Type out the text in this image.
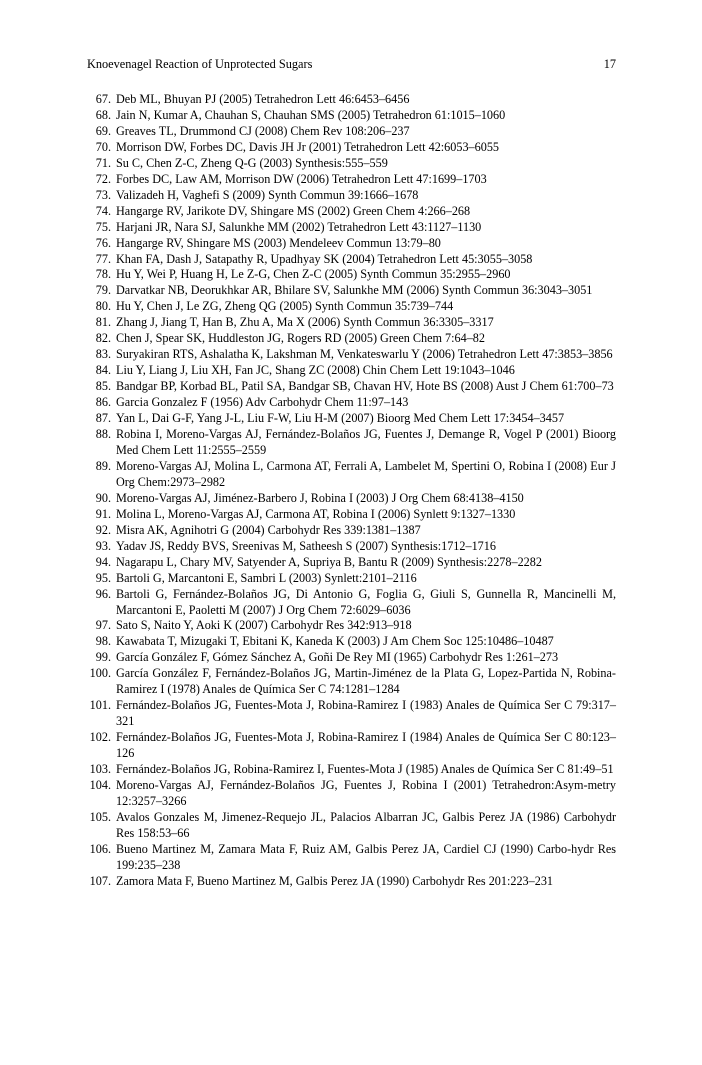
Knoevenagel Reaction of Unprotected Sugars	17
67. Deb ML, Bhuyan PJ (2005) Tetrahedron Lett 46:6453–6456
68. Jain N, Kumar A, Chauhan S, Chauhan SMS (2005) Tetrahedron 61:1015–1060
69. Greaves TL, Drummond CJ (2008) Chem Rev 108:206–237
70. Morrison DW, Forbes DC, Davis JH Jr (2001) Tetrahedron Lett 42:6053–6055
71. Su C, Chen Z-C, Zheng Q-G (2003) Synthesis:555–559
72. Forbes DC, Law AM, Morrison DW (2006) Tetrahedron Lett 47:1699–1703
73. Valizadeh H, Vaghefi S (2009) Synth Commun 39:1666–1678
74. Hangarge RV, Jarikote DV, Shingare MS (2002) Green Chem 4:266–268
75. Harjani JR, Nara SJ, Salunkhe MM (2002) Tetrahedron Lett 43:1127–1130
76. Hangarge RV, Shingare MS (2003) Mendeleev Commun 13:79–80
77. Khan FA, Dash J, Satapathy R, Upadhyay SK (2004) Tetrahedron Lett 45:3055–3058
78. Hu Y, Wei P, Huang H, Le Z-G, Chen Z-C (2005) Synth Commun 35:2955–2960
79. Darvatkar NB, Deorukhkar AR, Bhilare SV, Salunkhe MM (2006) Synth Commun 36:3043–3051
80. Hu Y, Chen J, Le ZG, Zheng QG (2005) Synth Commun 35:739–744
81. Zhang J, Jiang T, Han B, Zhu A, Ma X (2006) Synth Commun 36:3305–3317
82. Chen J, Spear SK, Huddleston JG, Rogers RD (2005) Green Chem 7:64–82
83. Suryakiran RTS, Ashalatha K, Lakshman M, Venkateswarlu Y (2006) Tetrahedron Lett 47:3853–3856
84. Liu Y, Liang J, Liu XH, Fan JC, Shang ZC (2008) Chin Chem Lett 19:1043–1046
85. Bandgar BP, Korbad BL, Patil SA, Bandgar SB, Chavan HV, Hote BS (2008) Aust J Chem 61:700–73
86. Garcia Gonzalez F (1956) Adv Carbohydr Chem 11:97–143
87. Yan L, Dai G-F, Yang J-L, Liu F-W, Liu H-M (2007) Bioorg Med Chem Lett 17:3454–3457
88. Robina I, Moreno-Vargas AJ, Fernández-Bolaños JG, Fuentes J, Demange R, Vogel P (2001) Bioorg Med Chem Lett 11:2555–2559
89. Moreno-Vargas AJ, Molina L, Carmona AT, Ferrali A, Lambelet M, Spertini O, Robina I (2008) Eur J Org Chem:2973–2982
90. Moreno-Vargas AJ, Jiménez-Barbero J, Robina I (2003) J Org Chem 68:4138–4150
91. Molina L, Moreno-Vargas AJ, Carmona AT, Robina I (2006) Synlett 9:1327–1330
92. Misra AK, Agnihotri G (2004) Carbohydr Res 339:1381–1387
93. Yadav JS, Reddy BVS, Sreenivas M, Satheesh S (2007) Synthesis:1712–1716
94. Nagarapu L, Chary MV, Satyender A, Supriya B, Bantu R (2009) Synthesis:2278–2282
95. Bartoli G, Marcantoni E, Sambri L (2003) Synlett:2101–2116
96. Bartoli G, Fernández-Bolaños JG, Di Antonio G, Foglia G, Giuli S, Gunnella R, Mancinelli M, Marcantoni E, Paoletti M (2007) J Org Chem 72:6029–6036
97. Sato S, Naito Y, Aoki K (2007) Carbohydr Res 342:913–918
98. Kawabata T, Mizugaki T, Ebitani K, Kaneda K (2003) J Am Chem Soc 125:10486–10487
99. García González F, Gómez Sánchez A, Goñi De Rey MI (1965) Carbohydr Res 1:261–273
100. García González F, Fernández-Bolaños JG, Martin-Jiménez de la Plata G, Lopez-Partida N, Robina-Ramirez I (1978) Anales de Química Ser C 74:1281–1284
101. Fernández-Bolaños JG, Fuentes-Mota J, Robina-Ramirez I (1983) Anales de Química Ser C 79:317–321
102. Fernández-Bolaños JG, Fuentes-Mota J, Robina-Ramirez I (1984) Anales de Química Ser C 80:123–126
103. Fernández-Bolaños JG, Robina-Ramirez I, Fuentes-Mota J (1985) Anales de Química Ser C 81:49–51
104. Moreno-Vargas AJ, Fernández-Bolaños JG, Fuentes J, Robina I (2001) Tetrahedron:Asym-metry 12:3257–3266
105. Avalos Gonzales M, Jimenez-Requejo JL, Palacios Albarran JC, Galbis Perez JA (1986) Carbohydr Res 158:53–66
106. Bueno Martinez M, Zamara Mata F, Ruiz AM, Galbis Perez JA, Cardiel CJ (1990) Carbo-hydr Res 199:235–238
107. Zamora Mata F, Bueno Martinez M, Galbis Perez JA (1990) Carbohydr Res 201:223–231
